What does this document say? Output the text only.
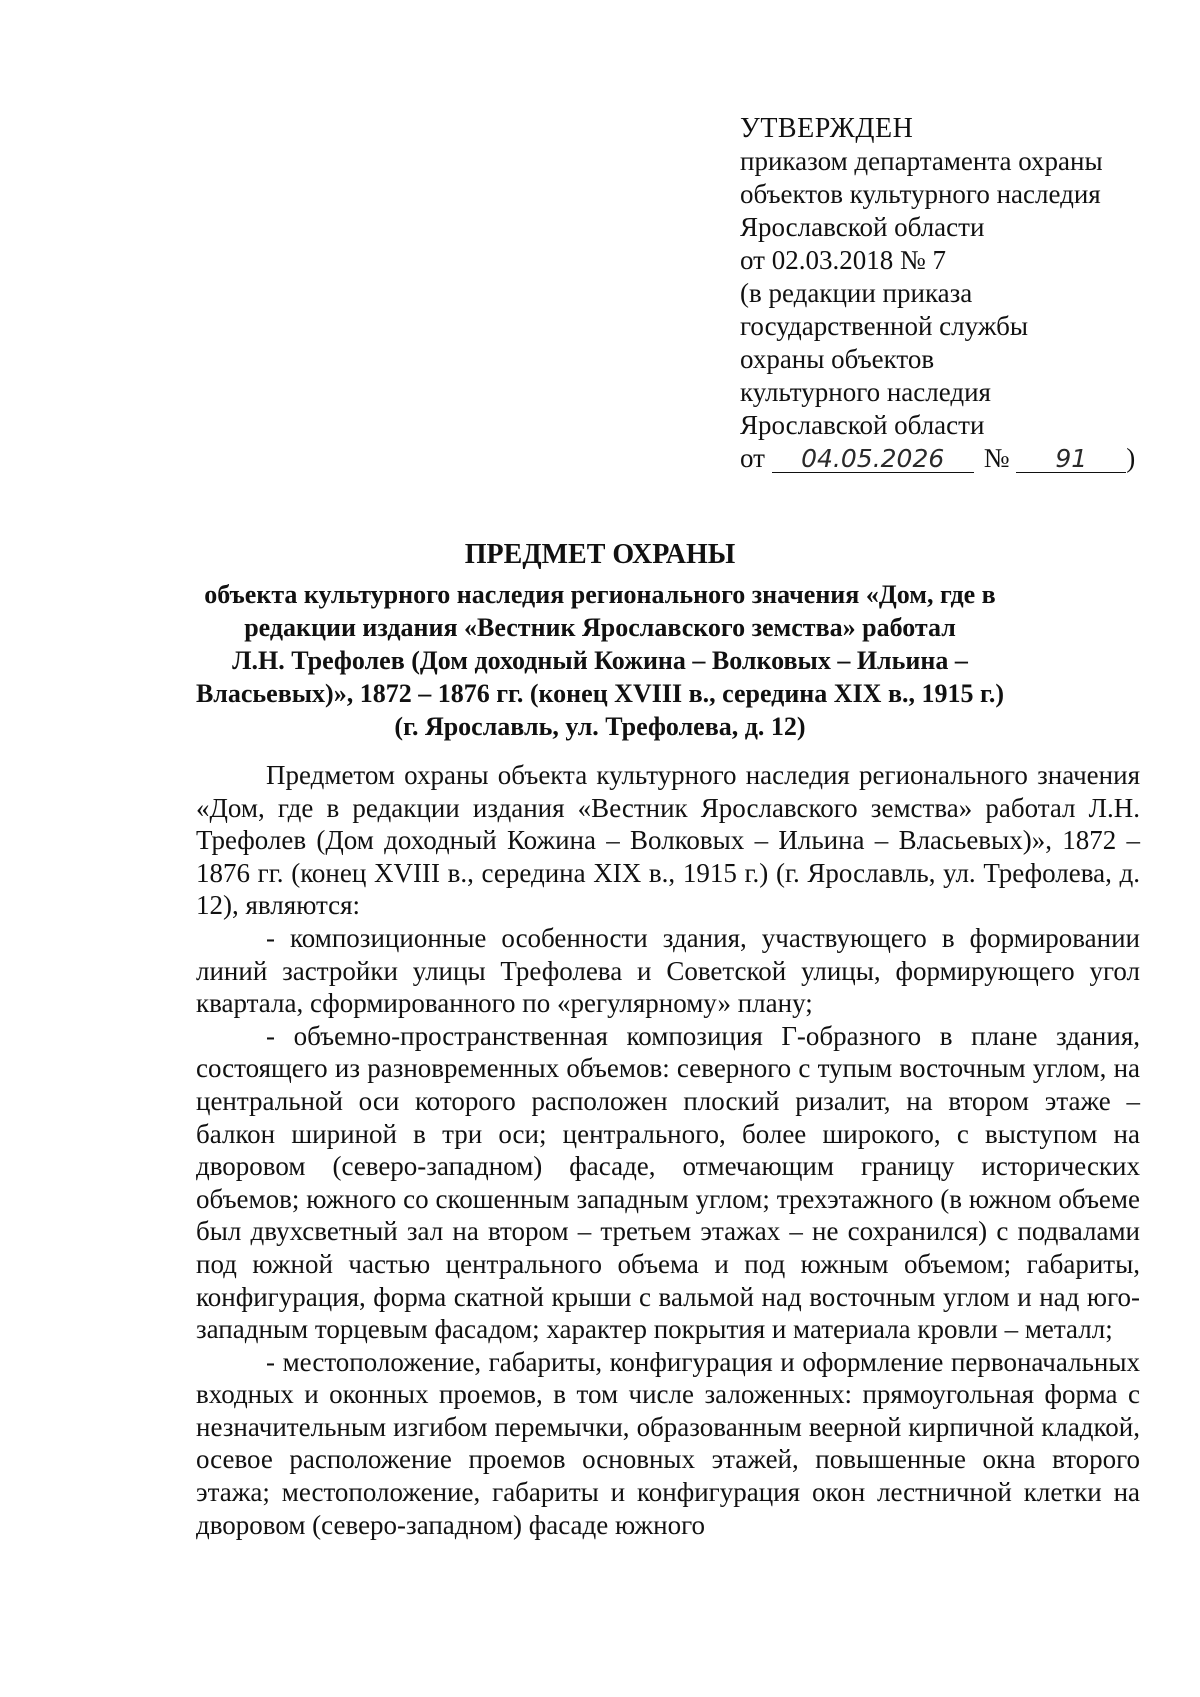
УТВЕРЖДЕН
приказом департамента охраны
объектов культурного наследия
Ярославской области
от 02.03.2018 № 7
(в редакции приказа
государственной службы
охраны объектов
культурного наследия
Ярославской области
от 04.05.2026 № 91 )
ПРЕДМЕТ ОХРАНЫ
объекта культурного наследия регионального значения «Дом, где в
редакции издания «Вестник Ярославского земства» работал
Л.Н. Трефолев (Дом доходный Кожина – Волковых – Ильина –
Власьевых)», 1872 – 1876 гг. (конец XVIII в., середина XIX в., 1915 г.)
(г. Ярославль, ул. Трефолева, д. 12)

Предметом охраны объекта культурного наследия регионального значения «Дом, где в редакции издания «Вестник Ярославского земства» работал Л.Н. Трефолев (Дом доходный Кожина – Волковых – Ильина – Власьевых)», 1872 – 1876 гг. (конец XVIII в., середина XIX в., 1915 г.) (г. Ярославль, ул. Трефолева, д. 12), являются:

- композиционные особенности здания, участвующего в формировании линий застройки улицы Трефолева и Советской улицы, формирующего угол квартала, сформированного по «регулярному» плану;

- объемно-пространственная композиция Г-образного в плане здания, состоящего из разновременных объемов: северного с тупым восточным углом, на центральной оси которого расположен плоский ризалит, на втором этаже – балкон шириной в три оси; центрального, более широкого, с выступом на дворовом (северо-западном) фасаде, отмечающим границу исторических объемов; южного со скошенным западным углом; трехэтажного (в южном объеме был двухсветный зал на втором – третьем этажах – не сохранился) с подвалами под южной частью центрального объема и под южным объемом; габариты, конфигурация, форма скатной крыши с вальмой над восточным углом и над юго-западным торцевым фасадом; характер покрытия и материала кровли – металл;

- местоположение, габариты, конфигурация и оформление первоначальных входных и оконных проемов, в том числе заложенных: прямоугольная форма с незначительным изгибом перемычки, образованным веерной кирпичной кладкой, осевое расположение проемов основных этажей, повышенные окна второго этажа; местоположение, габариты и конфигурация окон лестничной клетки на дворовом (северо-западном) фасаде южного
